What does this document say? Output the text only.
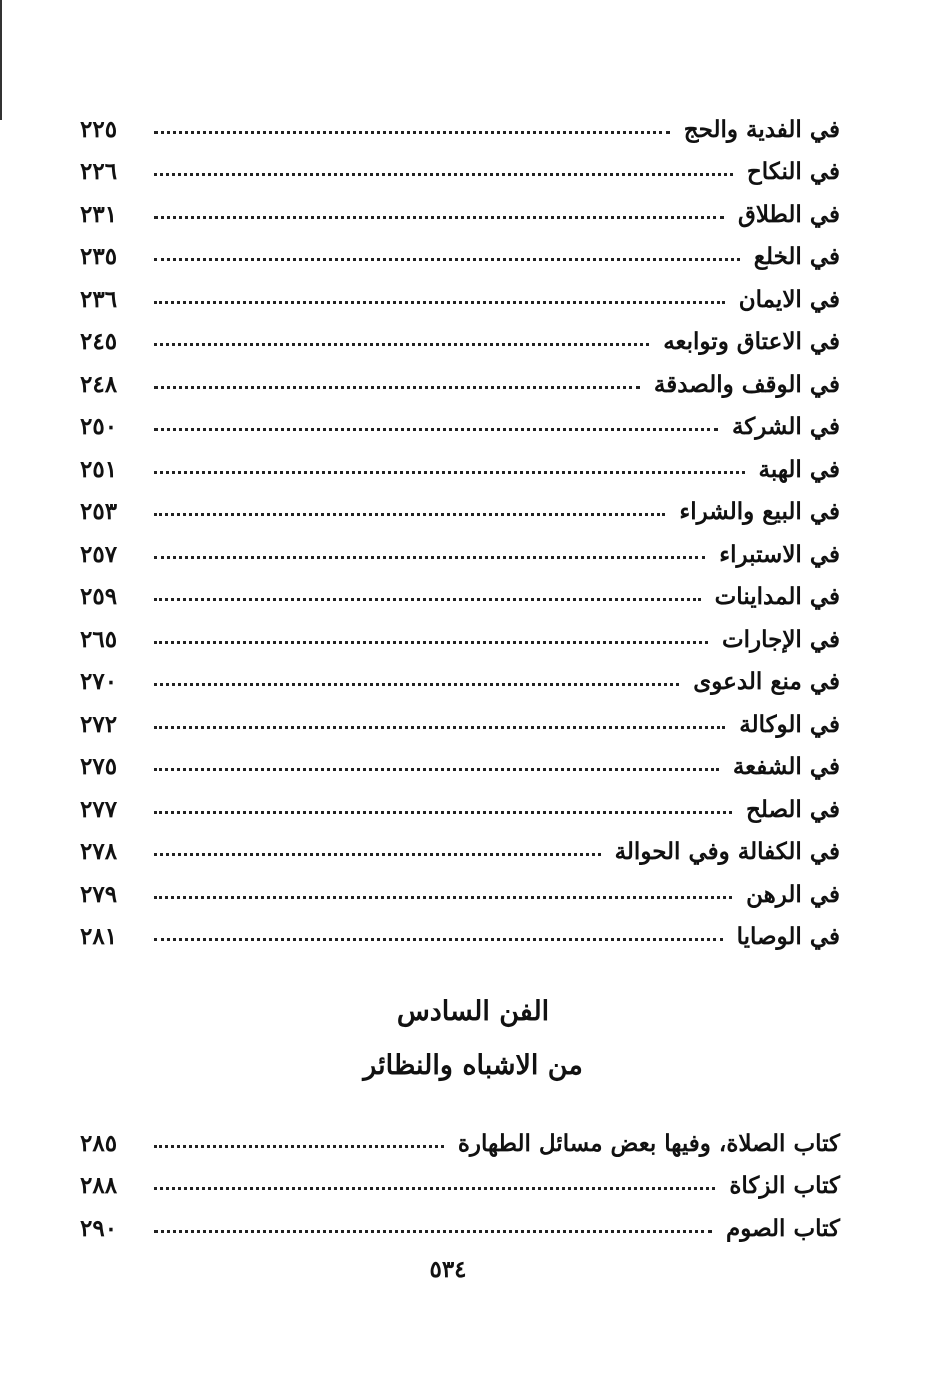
في الفدية والحج
٢٢٥
في النكاح
٢٢٦
في الطلاق
٢٣١
في الخلع
٢٣٥
في الايمان
٢٣٦
في الاعتاق وتوابعه
٢٤٥
في الوقف والصدقة
٢٤٨
في الشركة
٢٥٠
في الهبة
٢٥١
في البيع والشراء
٢٥٣
في الاستبراء
٢٥٧
في المداينات
٢٥٩
في الإجارات
٢٦٥
في منع الدعوى
٢٧٠
في الوكالة
٢٧٢
في الشفعة
٢٧٥
في الصلح
٢٧٧
في الكفالة وفي الحوالة
٢٧٨
في الرهن
٢٧٩
في الوصايا
٢٨١
الفن السادس
من الاشباه والنظائر
كتاب الصلاة، وفيها بعض مسائل الطهارة
٢٨٥
كتاب الزكاة
٢٨٨
كتاب الصوم
٢٩٠
٥٣٤
